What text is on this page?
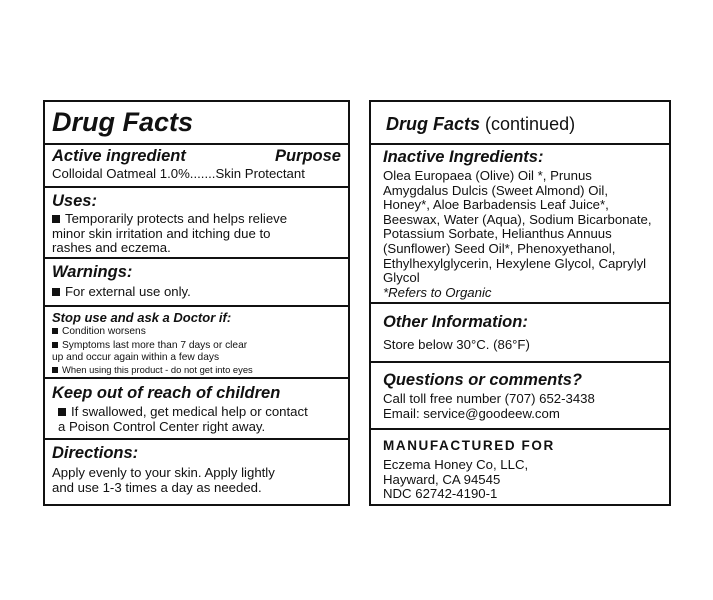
Drug Facts
Active ingredient	Purpose
Colloidal Oatmeal 1.0%.......Skin Protectant
Uses:
Temporarily protects and helps relieve
minor skin irritation and itching due to
rashes and eczema.
Warnings:
For external use only.
Stop use and ask a Doctor if:
Condition worsens
Symptoms last more than 7 days or clear
up and occur again within a few days
When using this product - do not get into eyes
Keep out of reach of children
If swallowed, get medical help or contact
a Poison Control Center right away.
Directions:
Apply evenly to your skin. Apply lightly
and use 1-3 times a day as needed.
Drug Facts (continued)
Inactive Ingredients:
Olea Europaea (Olive) Oil *, Prunus
Amygdalus Dulcis (Sweet Almond) Oil,
Honey*, Aloe Barbadensis Leaf Juice*,
Beeswax, Water (Aqua), Sodium Bicarbonate,
Potassium Sorbate, Helianthus Annuus
(Sunflower) Seed Oil*, Phenoxyethanol,
Ethylhexylglycerin, Hexylene Glycol, Caprylyl
Glycol
*Refers to Organic
Other Information:
Store below 30°C. (86°F)
Questions or comments?
Call toll free number (707) 652-3438
Email: service@goodeew.com
MANUFACTURED FOR
Eczema Honey Co, LLC,
Hayward, CA 94545
NDC 62742-4190-1
